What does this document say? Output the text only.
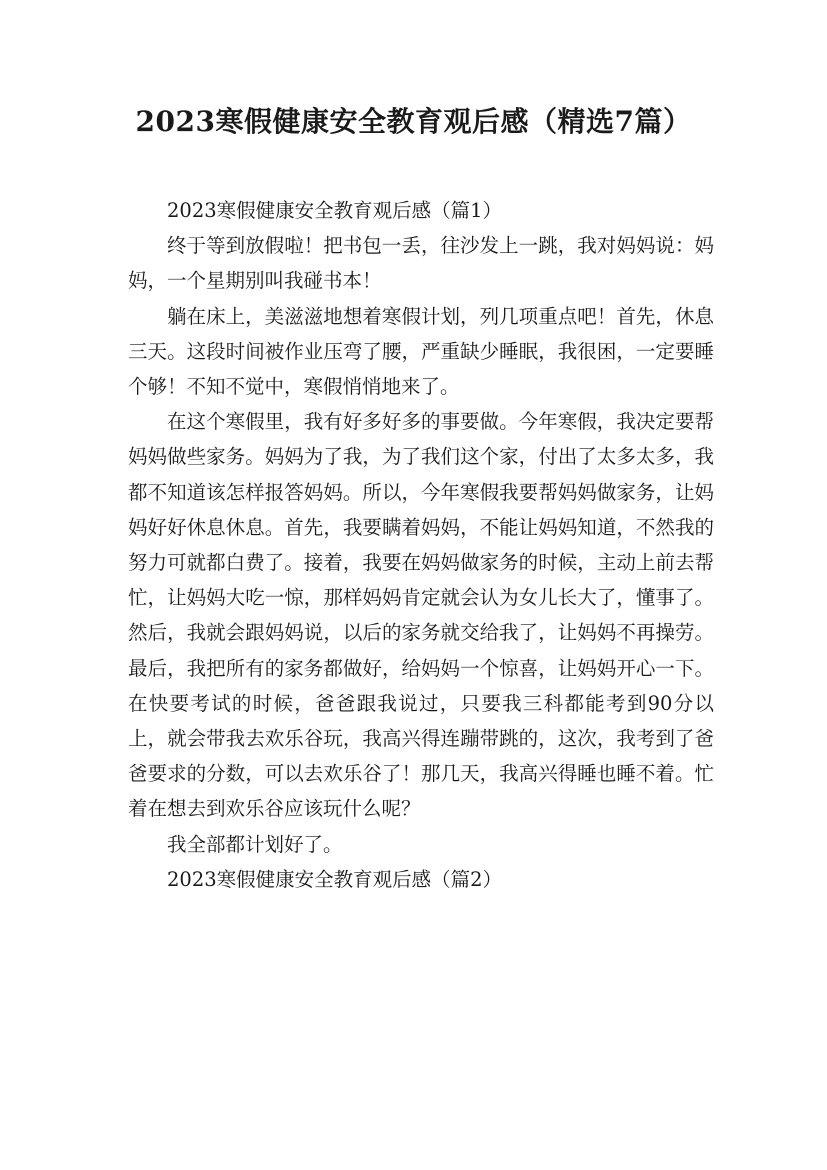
2023寒假健康安全教育观后感（精选7篇）

2023寒假健康安全教育观后感（篇1）

终于等到放假啦！把书包一丢，往沙发上一跳，我对妈妈说：妈妈，一个星期别叫我碰书本！

躺在床上，美滋滋地想着寒假计划，列几项重点吧！首先，休息三天。这段时间被作业压弯了腰，严重缺少睡眠，我很困，一定要睡个够！不知不觉中，寒假悄悄地来了。

在这个寒假里，我有好多好多的事要做。今年寒假，我决定要帮妈妈做些家务。妈妈为了我，为了我们这个家，付出了太多太多，我都不知道该怎样报答妈妈。所以，今年寒假我要帮妈妈做家务，让妈妈好好休息休息。首先，我要瞒着妈妈，不能让妈妈知道，不然我的努力可就都白费了。接着，我要在妈妈做家务的时候，主动上前去帮忙，让妈妈大吃一惊，那样妈妈肯定就会认为女儿长大了，懂事了。然后，我就会跟妈妈说，以后的家务就交给我了，让妈妈不再操劳。最后，我把所有的家务都做好，给妈妈一个惊喜，让妈妈开心一下。在快要考试的时候，爸爸跟我说过，只要我三科都能考到90分以上，就会带我去欢乐谷玩，我高兴得连蹦带跳的，这次，我考到了爸爸要求的分数，可以去欢乐谷了！那几天，我高兴得睡也睡不着。忙着在想去到欢乐谷应该玩什么呢？

我全部都计划好了。

2023寒假健康安全教育观后感（篇2）
